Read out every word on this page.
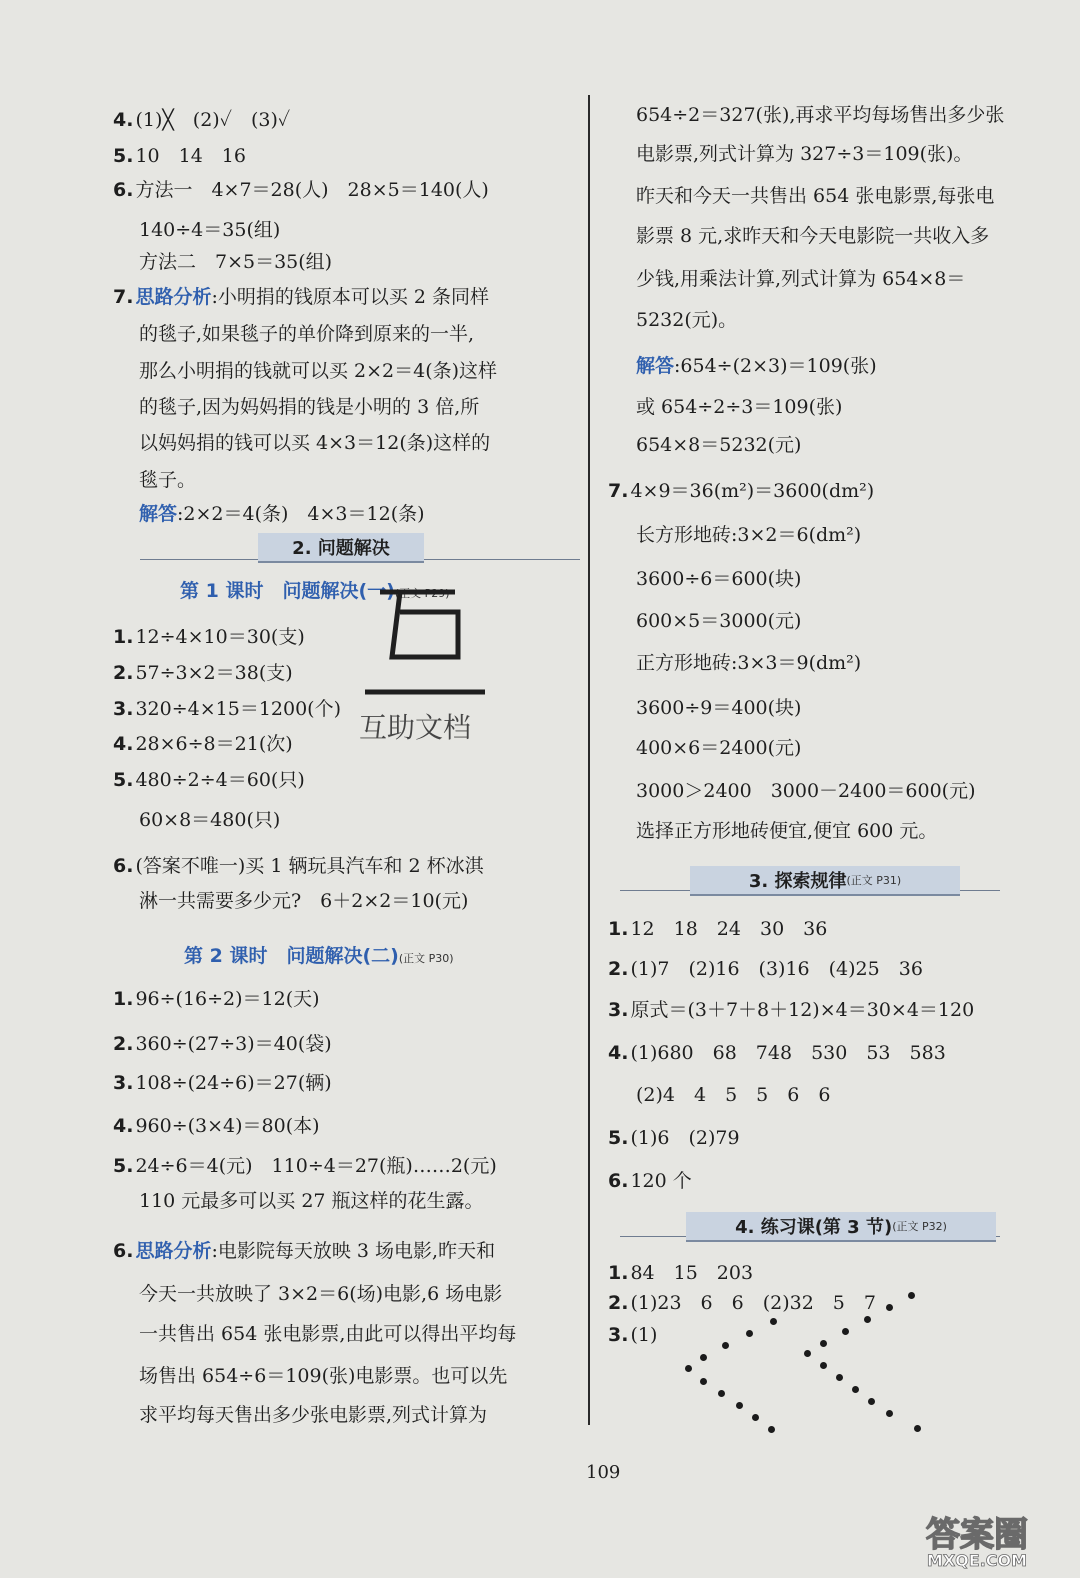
4. (1)╳　(2)✓　(3)✓
5. 10　14　16
6. 方法一　4×7＝28(人)　28×5＝140(人)
140÷4＝35(组)
方法二　7×5＝35(组)
7. 思路分析:小明捐的钱原本可以买 2 条同样
的毯子,如果毯子的单价降到原来的一半,
那么小明捐的钱就可以买 2×2＝4(条)这样
的毯子,因为妈妈捐的钱是小明的 3 倍,所
以妈妈捐的钱可以买 4×3＝12(条)这样的
毯子。
解答:2×2＝4(条)　4×3＝12(条)
1. 12÷4×10＝30(支)
2. 57÷3×2＝38(支)
3. 320÷4×15＝1200(个)
4. 28×6÷8＝21(次)
5. 480÷2÷4＝60(只)
60×8＝480(只)
6. (答案不唯一)买 1 辆玩具汽车和 2 杯冰淇
淋一共需要多少元?　6＋2×2＝10(元)
1. 96÷(16÷2)＝12(天)
2. 360÷(27÷3)＝40(袋)
3. 108÷(24÷6)＝27(辆)
4. 960÷(3×4)＝80(本)
5. 24÷6＝4(元)　110÷4＝27(瓶)……2(元)
110 元最多可以买 27 瓶这样的花生露。
6. 思路分析:电影院每天放映 3 场电影,昨天和
今天一共放映了 3×2＝6(场)电影,6 场电影
一共售出 654 张电影票,由此可以得出平均每
场售出 654÷6＝109(张)电影票。也可以先
求平均每天售出多少张电影票,列式计算为
654÷2＝327(张),再求平均每场售出多少张
电影票,列式计算为 327÷3＝109(张)。
昨天和今天一共售出 654 张电影票,每张电
影票 8 元,求昨天和今天电影院一共收入多
少钱,用乘法计算,列式计算为 654×8＝
5232(元)。
解答:654÷(2×3)＝109(张)
或 654÷2÷3＝109(张)
654×8＝5232(元)
7. 4×9＝36(m²)＝3600(dm²)
长方形地砖:3×2＝6(dm²)
3600÷6＝600(块)
600×5＝3000(元)
正方形地砖:3×3＝9(dm²)
3600÷9＝400(块)
400×6＝2400(元)
3000＞2400　3000－2400＝600(元)
选择正方形地砖便宜,便宜 600 元。
1. 12　18　24　30　36
2. (1)7　(2)16　(3)16　(4)25　36
3. 原式＝(3＋7＋8＋12)×4＝30×4＝120
4. (1)680　68　748　530　53　583
(2)4　4　5　5　6　6
5. (1)6　(2)79
6. 120 个
1. 84　15　203
2. (1)23　6　6　(2)32　5　7
3. (1)
2. 问题解决
第 1 课时　问题解决(一)(正文 P29)
第 2 课时　问题解决(二)(正文 P30)
3. 探索规律 (正文 P31)
4. 练习课(第 3 节) (正文 P32)
互助文档
109
答案圈
MXQE.COM
